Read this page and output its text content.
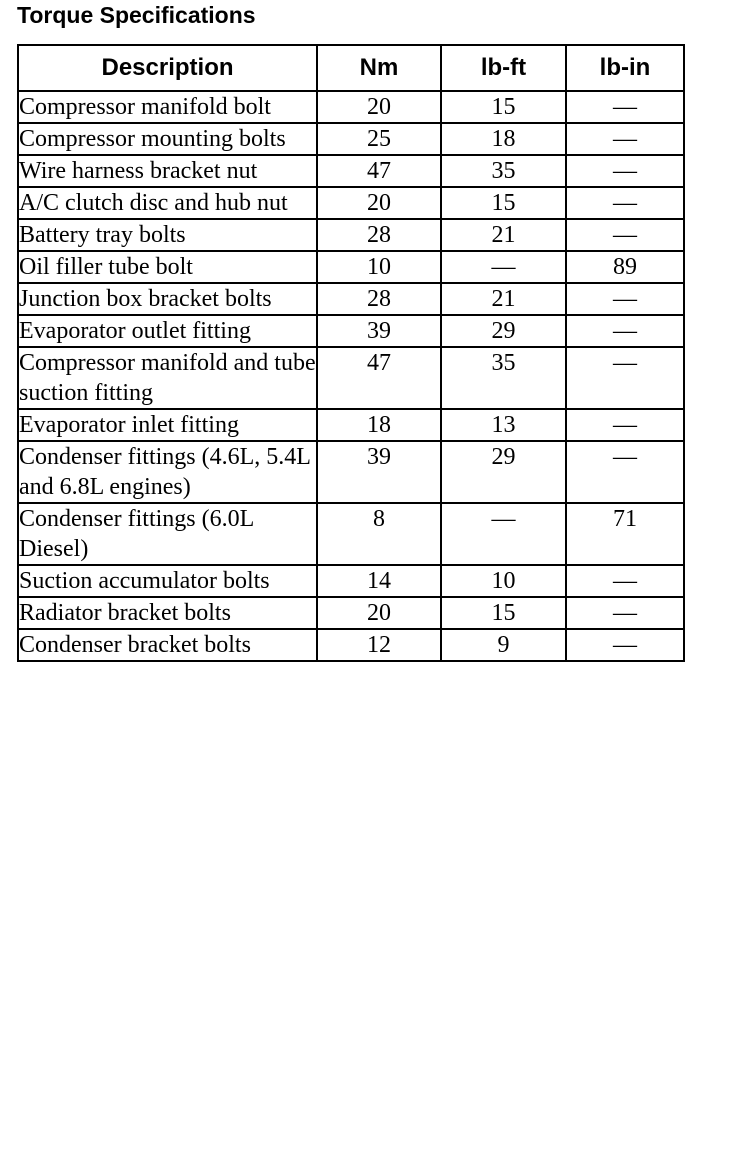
Torque Specifications
Description	Nm	lb-ft	lb-in
Compressor manifold bolt	20	15	—
Compressor mounting bolts	25	18	—
Wire harness bracket nut	47	35	—
A/C clutch disc and hub nut	20	15	—
Battery tray bolts	28	21	—
Oil filler tube bolt	10	—	89
Junction box bracket bolts	28	21	—
Evaporator outlet fitting	39	29	—
Compressor manifold and tube suction fitting	47	35	—
Evaporator inlet fitting	18	13	—
Condenser fittings (4.6L, 5.4L and 6.8L engines)	39	29	—
Condenser fittings (6.0L Diesel)	8	—	71
Suction accumulator bolts	14	10	—
Radiator bracket bolts	20	15	—
Condenser bracket bolts	12	9	—
